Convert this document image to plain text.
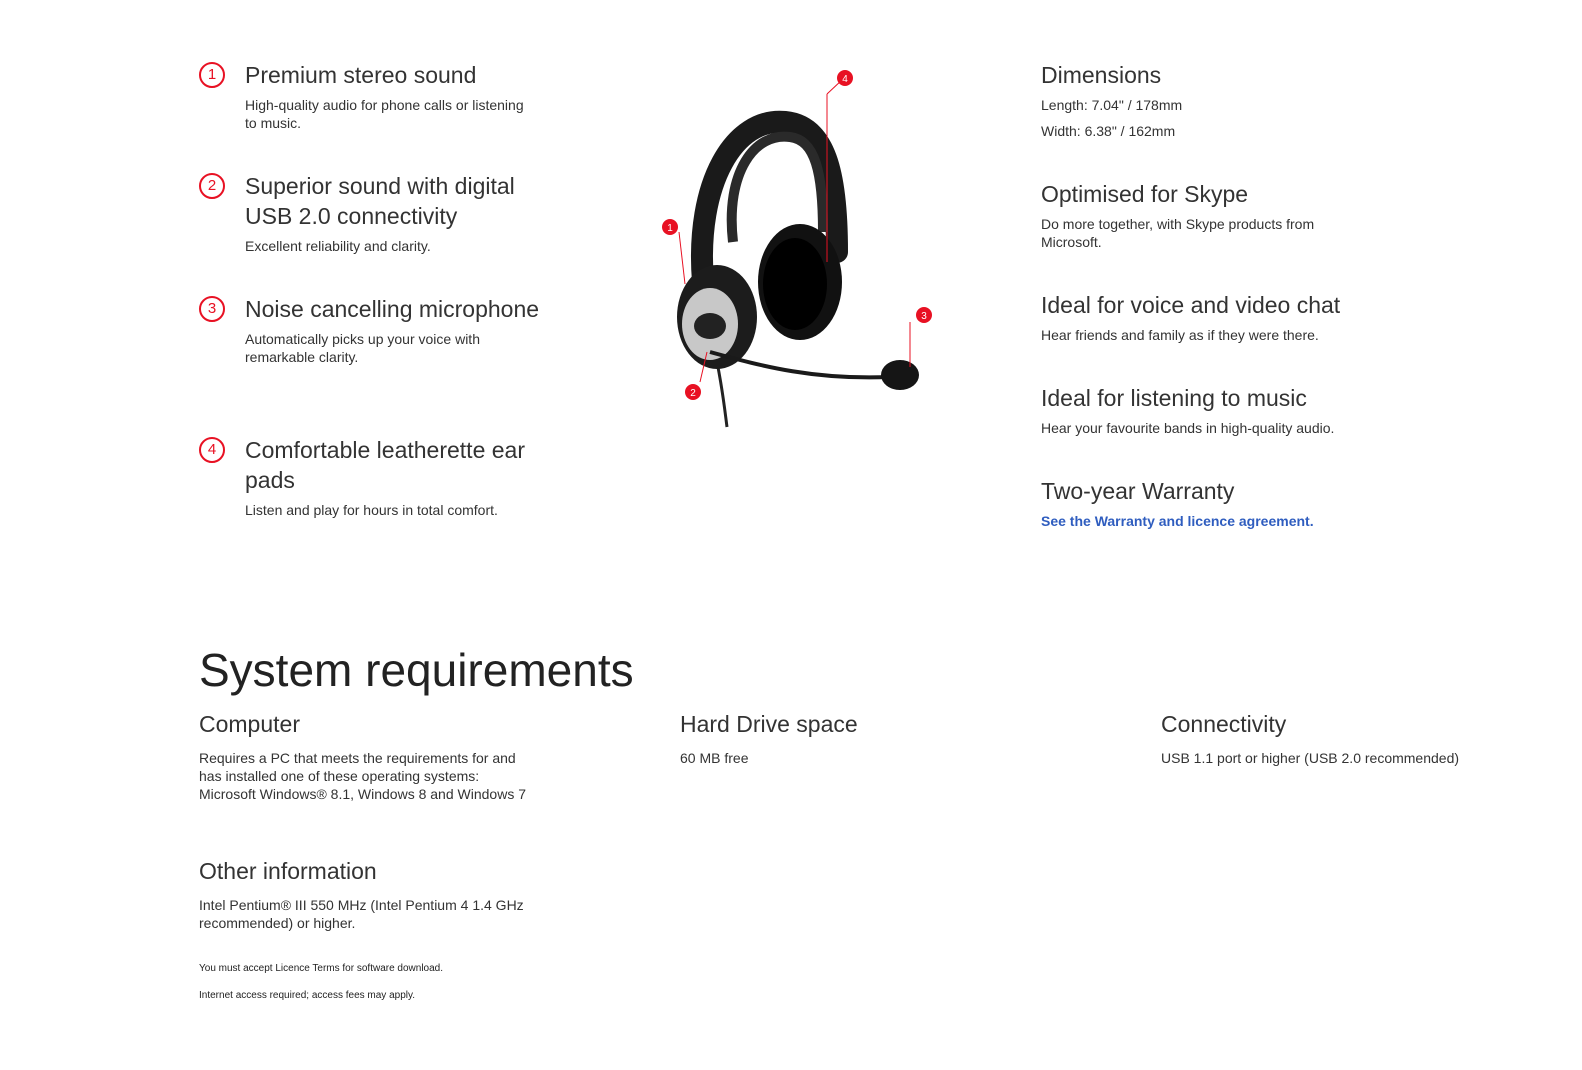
1	Premium stereo sound

High-quality audio for phone calls or listening to music.

2	Superior sound with digital USB 2.0 connectivity

Excellent reliability and clarity.

3	Noise cancelling microphone

Automatically picks up your voice with remarkable clarity.

4	Comfortable leatherette ear pads

Listen and play for hours in total comfort.

4
1
3
2
Dimensions

Length: 7.04" / 178mm

Width: 6.38" / 162mm

Optimised for Skype

Do more together, with Skype products from Microsoft.

Ideal for voice and video chat

Hear friends and family as if they were there.

Ideal for listening to music

Hear your favourite bands in high-quality audio.

Two-year Warranty

See the Warranty and licence agreement.

System requirements
Computer

Requires a PC that meets the requirements for and has installed one of these operating systems: Microsoft Windows® 8.1, Windows 8 and Windows 7

Hard Drive space

60 MB free

Connectivity

USB 1.1 port or higher (USB 2.0 recommended)

Other information

Intel Pentium® III 550 MHz (Intel Pentium 4 1.4 GHz recommended) or higher.

You must accept Licence Terms for software download.

Internet access required; access fees may apply.
